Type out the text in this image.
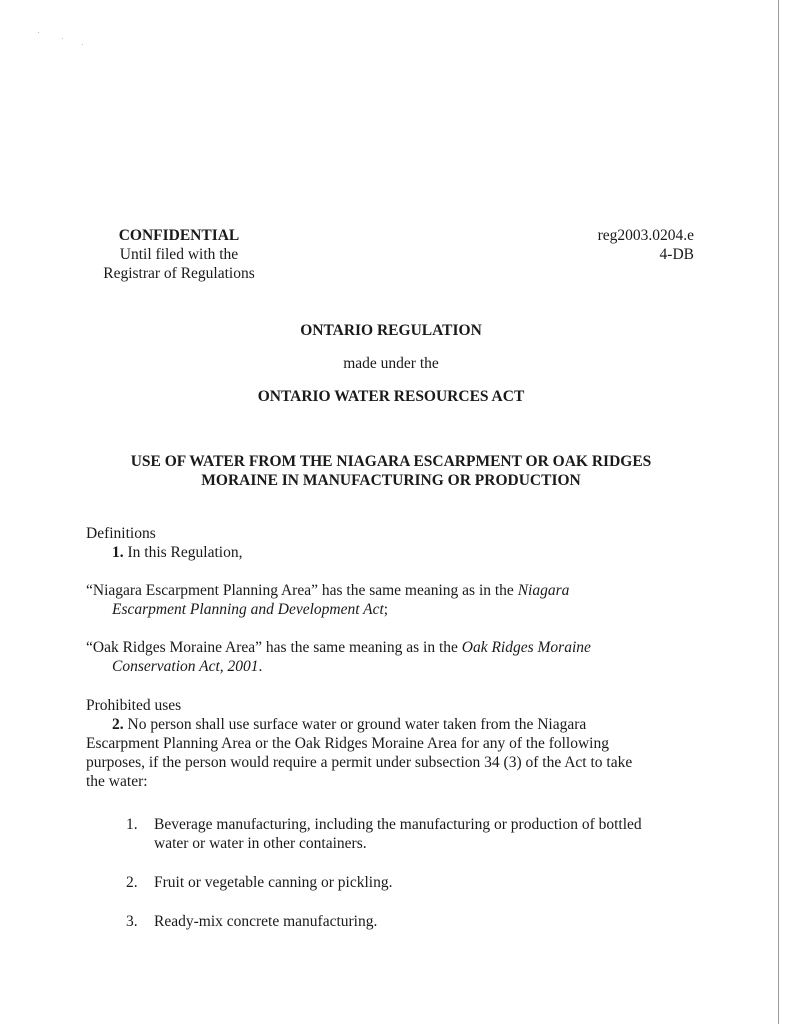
CONFIDENTIAL
Until filed with the
Registrar of Regulations
reg2003.0204.e
4-DB
ONTARIO REGULATION
made under the
ONTARIO WATER RESOURCES ACT
USE OF WATER FROM THE NIAGARA ESCARPMENT OR OAK RIDGES
MORAINE IN MANUFACTURING OR PRODUCTION
Definitions
1. In this Regulation,
“Niagara Escarpment Planning Area” has the same meaning as in the Niagara
Escarpment Planning and Development Act;
“Oak Ridges Moraine Area” has the same meaning as in the Oak Ridges Moraine
Conservation Act, 2001.
Prohibited uses
2. No person shall use surface water or ground water taken from the Niagara
Escarpment Planning Area or the Oak Ridges Moraine Area for any of the following
purposes, if the person would require a permit under subsection 34 (3) of the Act to take
the water:
1. Beverage manufacturing, including the manufacturing or production of bottled
water or water in other containers.
2. Fruit or vegetable canning or pickling.
3. Ready-mix concrete manufacturing.
